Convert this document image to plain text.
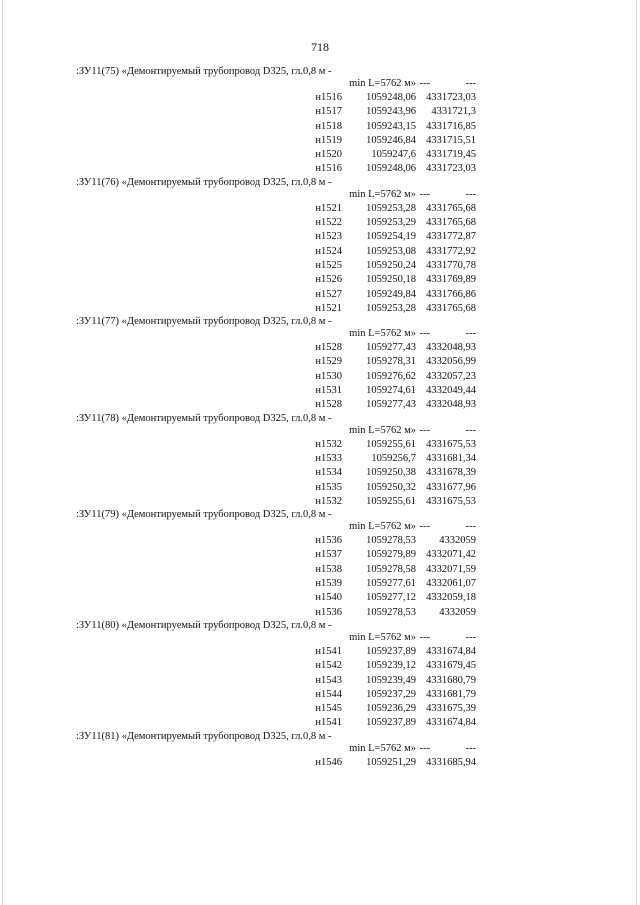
718
:ЗУ11(75) «Демонтируемый трубопровод D325, гл.0,8 м -
min L=5762 м» ---	---
н1516	1059248,06 4331723,03
н1517	1059243,96	4331721,3
н1518	1059243,15 4331716,85
н1519	1059246,84 4331715,51
н1520	1059247,6 4331719,45
н1516	1059248,06 4331723,03
:ЗУ11(76) «Демонтируемый трубопровод D325, гл.0,8 м -
min L=5762 м» ---	---
н1521	1059253,28 4331765,68
н1522	1059253,29 4331765,68
н1523	1059254,19 4331772,87
н1524	1059253,08 4331772,92
н1525	1059250,24 4331770,78
н1526	1059250,18 4331769,89
н1527	1059249,84 4331766,86
н1521	1059253,28 4331765,68
:ЗУ11(77) «Демонтируемый трубопровод D325, гл.0,8 м -
min L=5762 м» ---	---
н1528	1059277,43 4332048,93
н1529	1059278,31 4332056,99
н1530	1059276,62 4332057,23
н1531	1059274,61 4332049,44
н1528	1059277,43 4332048,93
:ЗУ11(78) «Демонтируемый трубопровод D325, гл.0,8 м -
min L=5762 м» ---	---
н1532	1059255,61 4331675,53
н1533	1059256,7 4331681,34
н1534	1059250,38 4331678,39
н1535	1059250,32 4331677,96
н1532	1059255,61 4331675,53
:ЗУ11(79) «Демонтируемый трубопровод D325, гл.0,8 м -
min L=5762 м» ---	---
н1536	1059278,53	4332059
н1537	1059279,89 4332071,42
н1538	1059278,58 4332071,59
н1539	1059277,61 4332061,07
н1540	1059277,12 4332059,18
н1536	1059278,53	4332059
:ЗУ11(80) «Демонтируемый трубопровод D325, гл.0,8 м -
min L=5762 м» ---	---
н1541	1059237,89 4331674,84
н1542	1059239,12 4331679,45
н1543	1059239,49 4331680,79
н1544	1059237,29 4331681,79
н1545	1059236,29 4331675,39
н1541	1059237,89 4331674,84
:ЗУ11(81) «Демонтируемый трубопровод D325, гл.0,8 м -
min L=5762 м» ---	---
н1546	1059251,29 4331685,94
